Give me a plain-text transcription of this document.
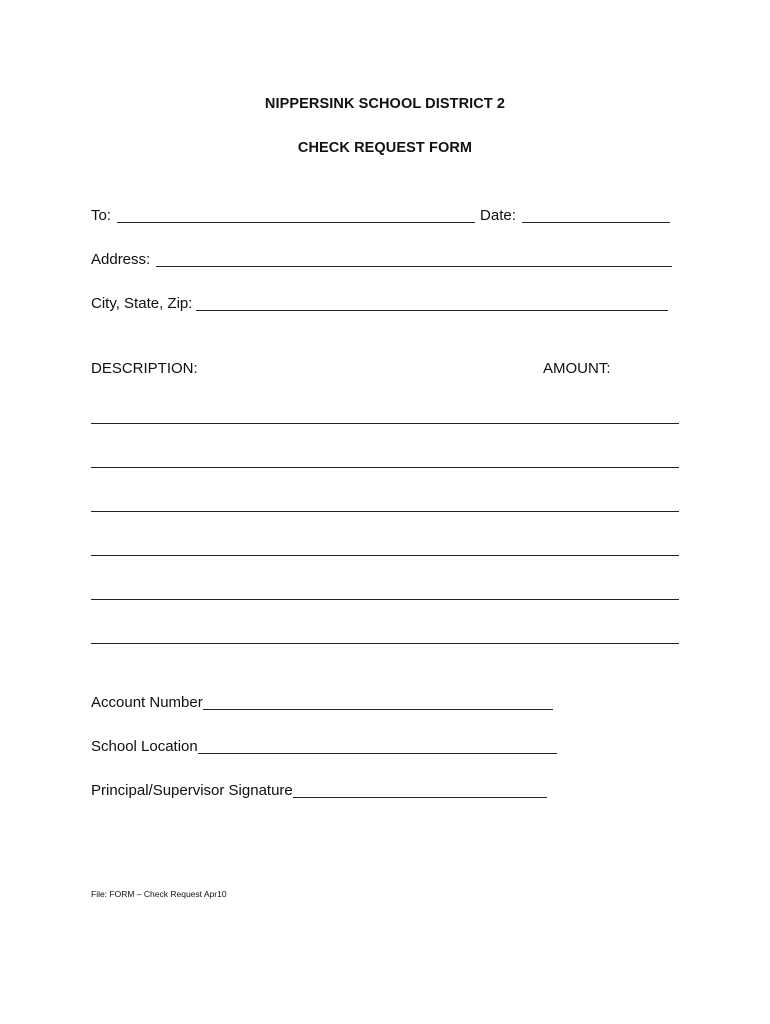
NIPPERSINK SCHOOL DISTRICT 2
CHECK REQUEST FORM
To:	Date:
Address:
City, State, Zip:
DESCRIPTION:	AMOUNT:
Account Number
School Location
Principal/Supervisor Signature
File: FORM – Check Request Apr10
